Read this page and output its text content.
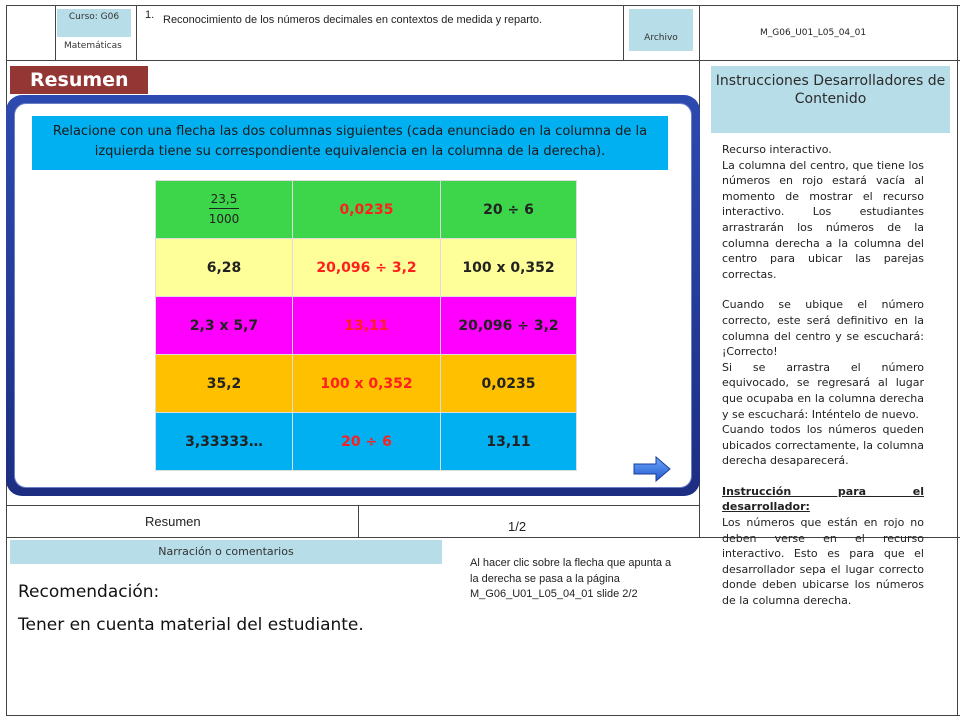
Curso: G06
Matemáticas
1. Reconocimiento de los números decimales en contextos de medida y reparto.
Archivo	M_G06_U01_L05_04_01
Resumen
Relacione con una flecha las dos columnas siguientes (cada enunciado en la columna de la izquierda tiene su correspondiente equivalencia en la columna de la derecha).
$\frac{23,5}{1000}$	0,0235	20 ÷ 6
6,28	20,096 ÷ 3,2	100 x 0,352
2,3 x 5,7	13,11	20,096 ÷ 3,2
35,2	100 x 0,352	0,0235
3,33333…	20 ÷ 6	13,11
Instrucciones Desarrolladores de Contenido

Recurso interactivo.

La columna del centro, que tiene los números en rojo estará vacía al momento de mostrar el recurso interactivo. Los estudiantes arrastrarán los números de la columna derecha a la columna del centro para ubicar las parejas correctas.

Cuando se ubique el número correcto, este será definitivo en la columna del centro y se escuchará: ¡Correcto!

Si se arrastra el número equivocado, se regresará al lugar que ocupaba en la columna derecha y se escuchará: Inténtelo de nuevo.

Cuando todos los números queden ubicados correctamente, la columna derecha desaparecerá.

Instrucción para el desarrollador:

Los números que están en rojo no deben verse en el recurso interactivo. Esto es para que el desarrollador sepa el lugar correcto donde deben ubicarse los números de la columna derecha.

Resumen	1/2
Narración o comentarios
Recomendación:
Tener en cuenta material del estudiante.
Al hacer clic sobre la flecha que apunta a la derecha se pasa a la página M_G06_U01_L05_04_01 slide 2/2
